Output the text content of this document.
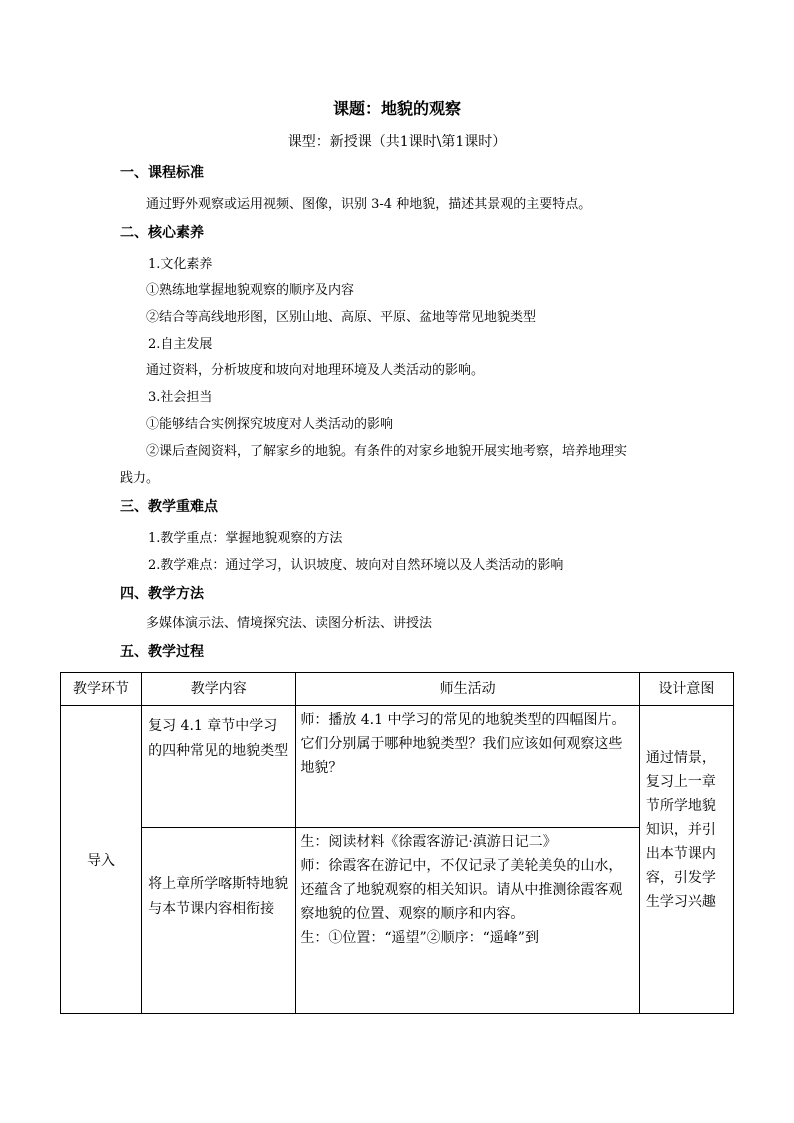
课题：地貌的观察
课型：新授课（共1课时\第1课时）
一、课程标准
通过野外观察或运用视频、图像，识别 3-4 种地貌，描述其景观的主要特点。
二、核心素养
1.文化素养
①熟练地掌握地貌观察的顺序及内容
②结合等高线地形图，区别山地、高原、平原、盆地等常见地貌类型
2.自主发展
通过资料，分析坡度和坡向对地理环境及人类活动的影响。
3.社会担当
①能够结合实例探究坡度对人类活动的影响
②课后查阅资料，了解家乡的地貌。有条件的对家乡地貌开展实地考察，培养地理实
践力。
三、教学重难点
1.教学重点：掌握地貌观察的方法
2.教学难点：通过学习，认识坡度、坡向对自然环境以及人类活动的影响
四、教学方法
多媒体演示法、情境探究法、读图分析法、讲授法
五、教学过程
教学环节	教学内容	师生活动	设计意图
导入	复习 4.1 章节中学习的四种常见的地貌类型	师：播放 4.1 中学习的常见的地貌类型的四幅图片。
它们分别属于哪种地貌类型？我们应该如何观察这些地貌？	通过情景，复习上一章节所学地貌知识，并引出本节课内容，引发学生学习兴趣

	将上章所学喀斯特地貌与本节课内容相衔接	生：阅读材料《徐霞客游记·滇游日记二》
师：徐霞客在游记中，不仅记录了美轮美奂的山水，还蕴含了地貌观察的相关知识。请从中推测徐霞客观察地貌的位置、观察的顺序和内容。
生：①位置：“遥望”②顺序：“遥峰”到	
